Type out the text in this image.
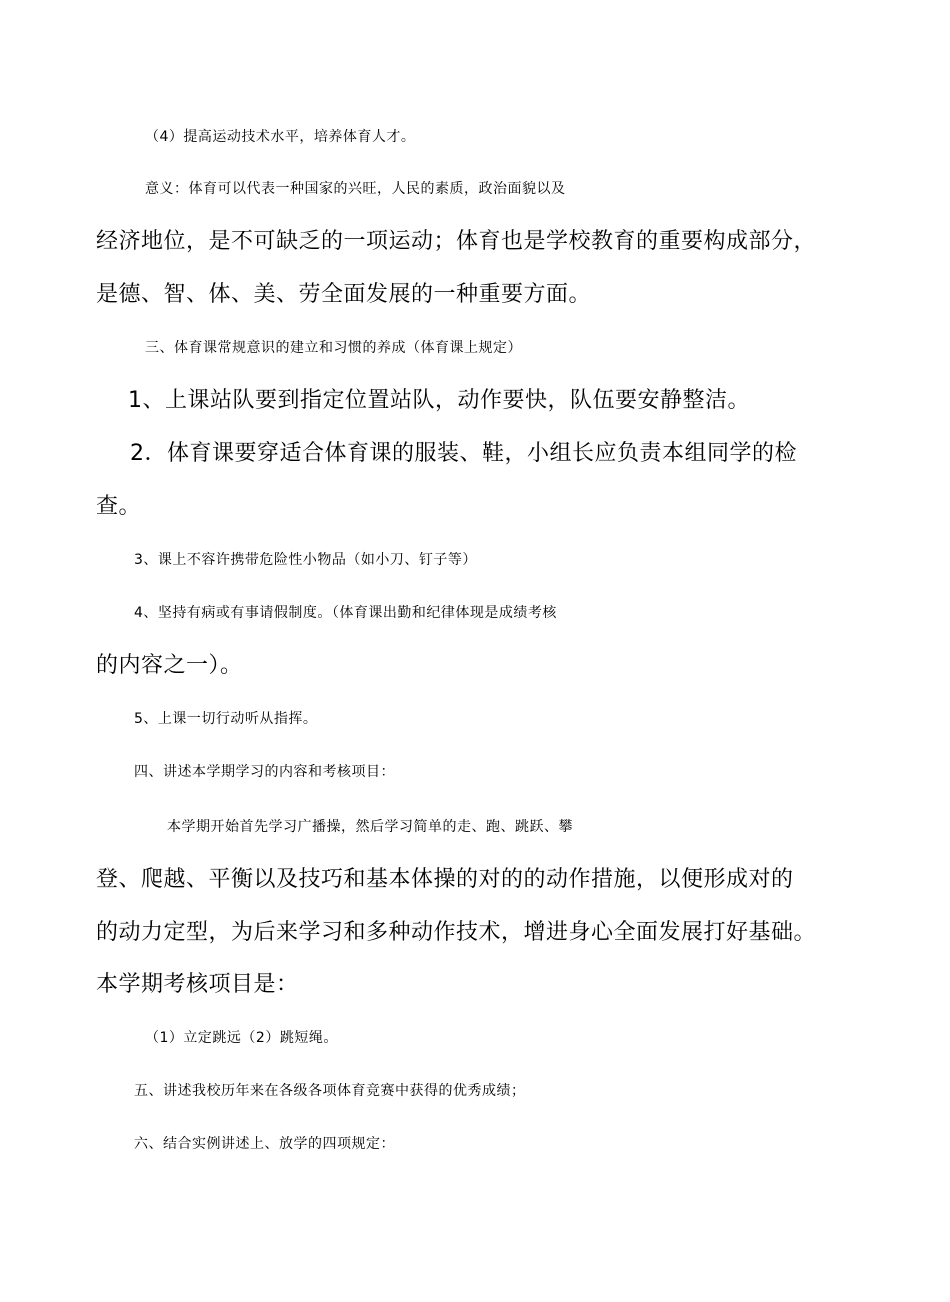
（4）提高运动技术水平，培养体育人才。
意义：体育可以代表一种国家的兴旺，人民的素质，政治面貌以及
经济地位，是不可缺乏的一项运动；体育也是学校教育的重要构成部分，
是德、智、体、美、劳全面发展的一种重要方面。
三、体育课常规意识的建立和习惯的养成（体育课上规定）
1、上课站队要到指定位置站队，动作要快，队伍要安静整洁。
2．体育课要穿适合体育课的服装、鞋，小组长应负责本组同学的检
查。
3、课上不容许携带危险性小物品（如小刀、钉子等）
4、坚持有病或有事请假制度。（体育课出勤和纪律体现是成绩考核
的内容之一）。
5、上课一切行动听从指挥。
四、讲述本学期学习的内容和考核项目：
本学期开始首先学习广播操，然后学习简单的走、跑、跳跃、攀
登、爬越、平衡以及技巧和基本体操的对的的动作措施，以便形成对的
的动力定型，为后来学习和多种动作技术，增进身心全面发展打好基础。
本学期考核项目是：
（1）立定跳远（2）跳短绳。
五、讲述我校历年来在各级各项体育竞赛中获得的优秀成绩；
六、结合实例讲述上、放学的四项规定：
